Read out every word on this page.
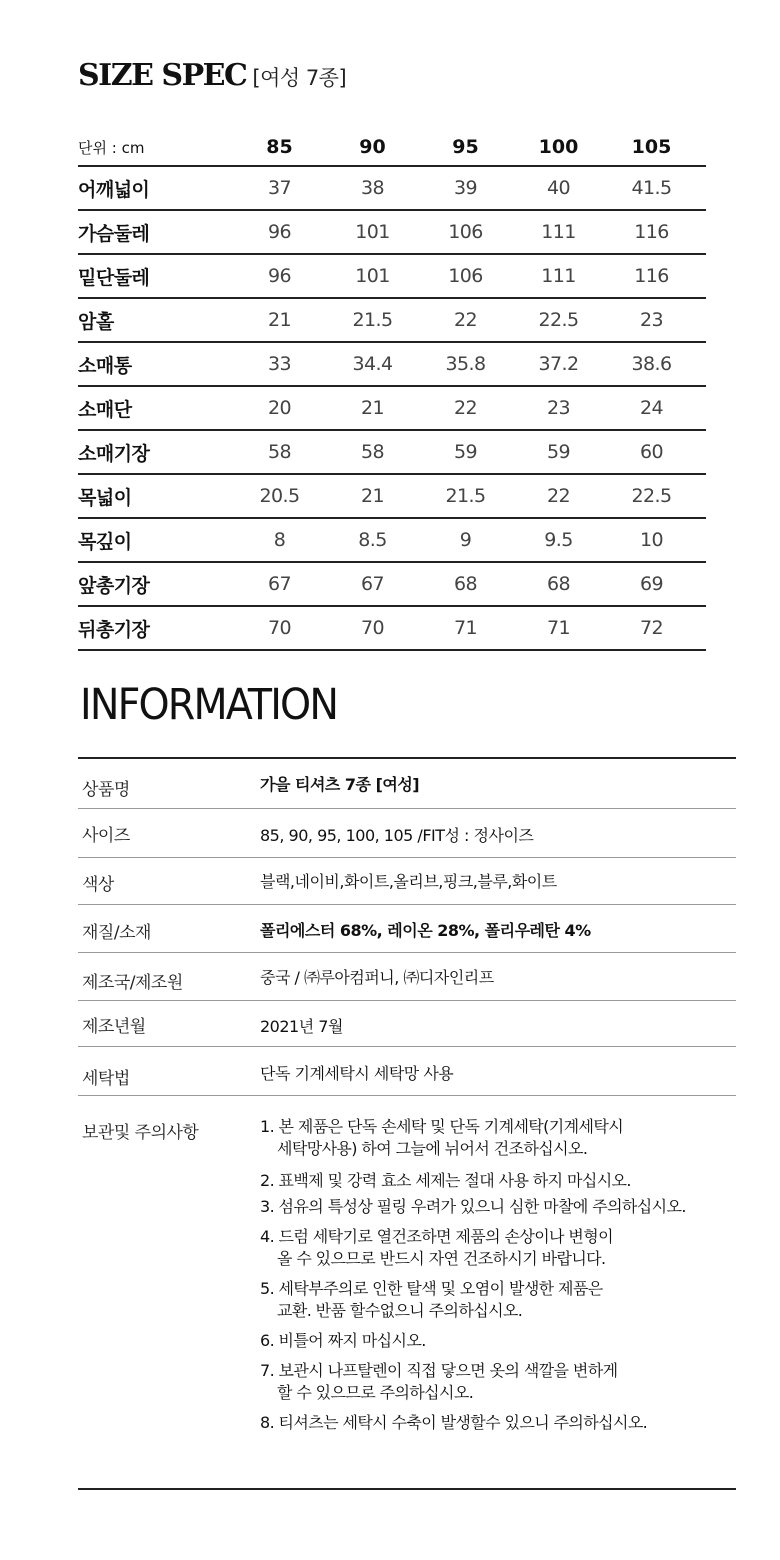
SIZE SPEC [여성 7종]
단위 : cm	85	90	95	100	105
어깨넓이	37	38	39	40	41.5
가슴둘레	96	101	106	111	116
밑단둘레	96	101	106	111	116
암홀	21	21.5	22	22.5	23
소매통	33	34.4	35.8	37.2	38.6
소매단	20	21	22	23	24
소매기장	58	58	59	59	60
목넓이	20.5	21	21.5	22	22.5
목깊이	8	8.5	9	9.5	10
앞총기장	67	67	68	68	69
뒤총기장	70	70	71	71	72
INFORMATION
상품명	가을 티셔츠 7종 [여성]
사이즈	85, 90, 95, 100, 105 /FIT성 : 정사이즈
색상	블랙,네이비,화이트,올리브,핑크,블루,화이트
재질/소재	폴리에스터 68%, 레이온 28%, 폴리우레탄 4%
제조국/제조원	중국 / ㈜루아컴퍼니, ㈜디자인리프
제조년월	2021년 7월
세탁법	단독 기계세탁시 세탁망 사용
보관및 주의사항	1. 본 제품은 단독 손세탁 및 단독 기계세탁(기계세탁시
세탁망사용) 하여 그늘에 뉘어서 건조하십시오.
2. 표백제 및 강력 효소 세제는 절대 사용 하지 마십시오.
3. 섬유의 특성상 필링 우려가 있으니 심한 마찰에 주의하십시오.
4. 드럼 세탁기로 열건조하면 제품의 손상이나 변형이
올 수 있으므로 반드시 자연 건조하시기 바랍니다.
5. 세탁부주의로 인한 탈색 및 오염이 발생한 제품은
교환. 반품 할수없으니 주의하십시오.
6. 비틀어 짜지 마십시오.
7. 보관시 나프탈렌이 직접 닿으면 옷의 색깔을 변하게
할 수 있으므로 주의하십시오.
8. 티셔츠는 세탁시 수축이 발생할수 있으니 주의하십시오.
